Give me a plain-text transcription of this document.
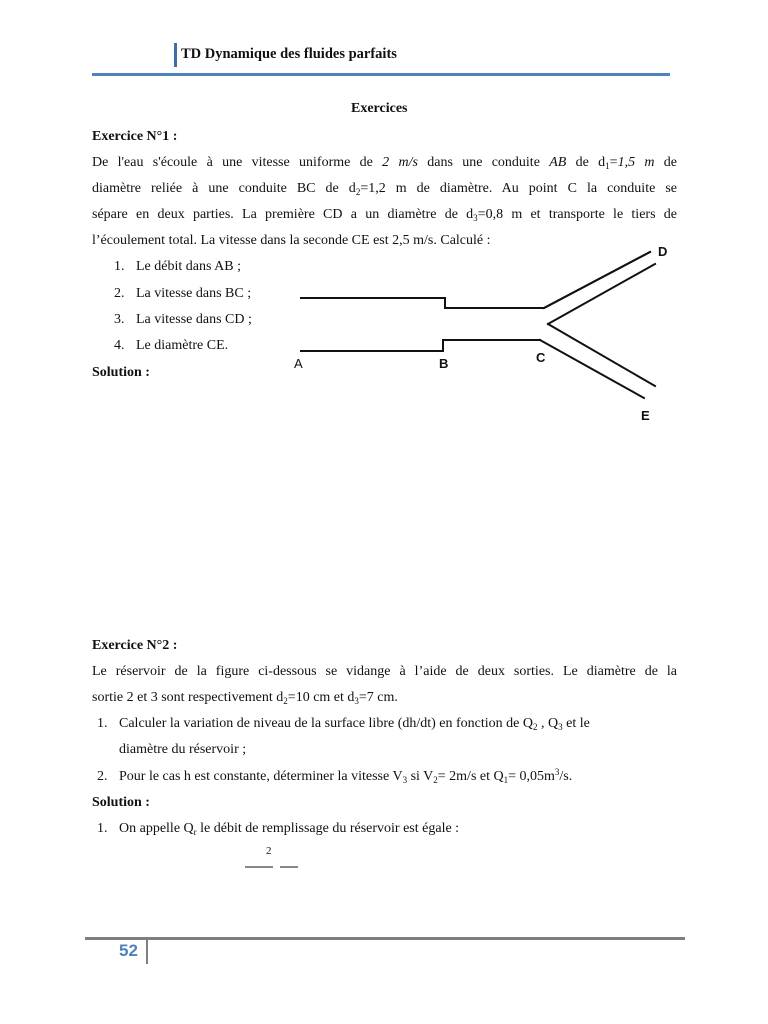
TD Dynamique des fluides parfaits
Exercices
Exercice N°1 :
De l'eau s'écoule à une vitesse uniforme de 2 m/s dans une conduite AB de $d_1=1,5$ m de
diamètre reliée à une conduite BC de $d_2=1,2$ m de diamètre. Au point C la conduite se
sépare en deux parties. La première CD a un diamètre de $d_3=0,8$ m et transporte le tiers de
l’écoulement total. La vitesse dans la seconde CE est 2,5 m/s. Calculé :
1. Le débit dans AB ;
2. La vitesse dans BC ;
3. La vitesse dans CD ;
4. Le diamètre CE.
Solution :
A	B	C
D
E
Exercice N°2 :
Le réservoir de la figure ci-dessous se vidange à l’aide de deux sorties. Le diamètre de la
sortie 2 et 3 sont respectivement $d_2=10$ cm et $d_3=7$ cm.
1. Calculer la variation de niveau de la surface libre (dh/dt) en fonction de $Q_2$ , $Q_3$ et le
diamètre du réservoir ;
2. Pour le cas h est constante, déterminer la vitesse $V_3$ si $V_2= 2m/s$ et $Q_1= 0,05m^3/s$.
Solution :
1. On appelle $Q_r$ le débit de remplissage du réservoir est égale :
2
52
